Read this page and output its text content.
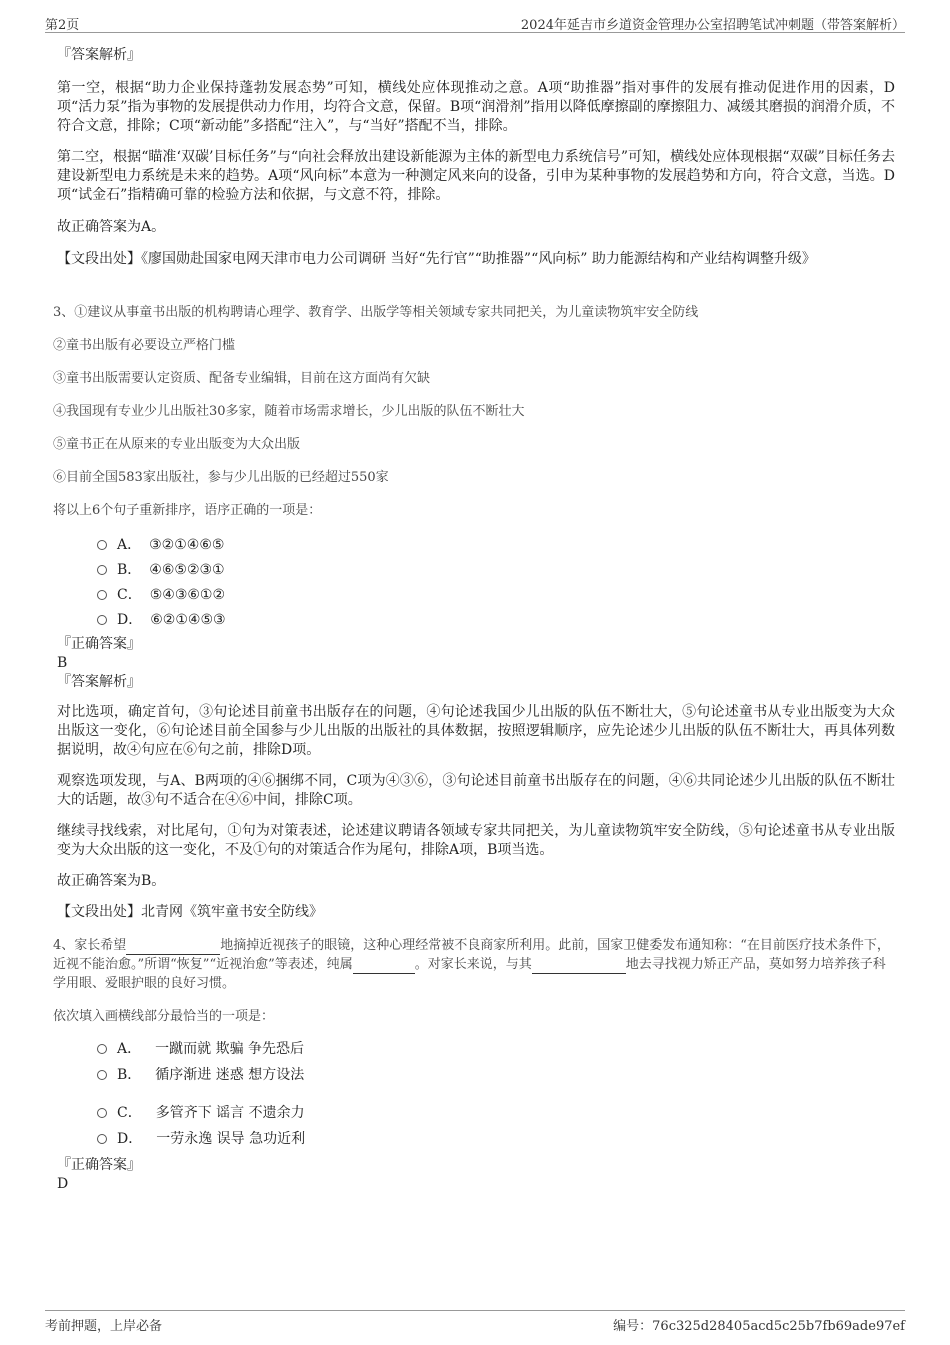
第2页	2024年延吉市乡道资金管理办公室招聘笔试冲刺题（带答案解析）
『答案解析』
第一空，根据“助力企业保持蓬勃发展态势”可知，横线处应体现推动之意。A项“助推器”指对事件的发展有推动促进作用的因素，D项“活力泵”指为事物的发展提供动力作用，均符合文意，保留。B项“润滑剂”指用以降低摩擦副的摩擦阻力、减缓其磨损的润滑介质，不符合文意，排除；C项“新动能”多搭配“注入”，与“当好”搭配不当，排除。
第二空，根据“瞄准‘双碳’目标任务”与“向社会释放出建设新能源为主体的新型电力系统信号”可知，横线处应体现根据“双碳”目标任务去建设新型电力系统是未来的趋势。A项“风向标”本意为一种测定风来向的设备，引申为某种事物的发展趋势和方向，符合文意，当选。D项“试金石”指精确可靠的检验方法和依据，与文意不符，排除。
故正确答案为A。
【文段出处】《廖国勋赴国家电网天津市电力公司调研 当好“先行官”“助推器”“风向标” 助力能源结构和产业结构调整升级》
3、①建议从事童书出版的机构聘请心理学、教育学、出版学等相关领域专家共同把关，为儿童读物筑牢安全防线
②童书出版有必要设立严格门槛
③童书出版需要认定资质、配备专业编辑，目前在这方面尚有欠缺
④我国现有专业少儿出版社30多家，随着市场需求增长，少儿出版的队伍不断壮大
⑤童书正在从原来的专业出版变为大众出版
⑥目前全国583家出版社，参与少儿出版的已经超过550家
将以上6个句子重新排序，语序正确的一项是：
A． ③②①④⑥⑤
B． ④⑥⑤②③①
C． ⑤④③⑥①②
D． ⑥②①④⑤③
『正确答案』
B
『答案解析』
对比选项，确定首句，③句论述目前童书出版存在的问题，④句论述我国少儿出版的队伍不断壮大，⑤句论述童书从专业出版变为大众出版这一变化，⑥句论述目前全国参与少儿出版的出版社的具体数据，按照逻辑顺序，应先论述少儿出版的队伍不断壮大，再具体列数据说明，故④句应在⑥句之前，排除D项。
观察选项发现，与A、B两项的④⑥捆绑不同，C项为④③⑥，③句论述目前童书出版存在的问题，④⑥共同论述少儿出版的队伍不断壮大的话题，故③句不适合在④⑥中间，排除C项。
继续寻找线索，对比尾句，①句为对策表述，论述建议聘请各领域专家共同把关，为儿童读物筑牢安全防线，⑤句论述童书从专业出版变为大众出版的这一变化，不及①句的对策适合作为尾句，排除A项，B项当选。
故正确答案为B。
【文段出处】北青网《筑牢童书安全防线》
4、家长希望	地摘掉近视孩子的眼镜，这种心理经常被不良商家所利用。此前，国家卫健委发布通知称：“在目前医疗技术条件下，近视不能治愈。”所谓“恢复”“近视治愈”等表述，纯属	。对家长来说，与其	地去寻找视力矫正产品，莫如努力培养孩子科学用眼、爱眼护眼的良好习惯。
依次填入画横线部分最恰当的一项是：
A． 一蹴而就 欺骗 争先恐后
B． 循序渐进 迷惑 想方设法
C． 多管齐下 谣言 不遗余力
D． 一劳永逸 误导 急功近利
『正确答案』
D
考前押题，上岸必备	编号：76c325d28405acd5c25b7fb69ade97ef
